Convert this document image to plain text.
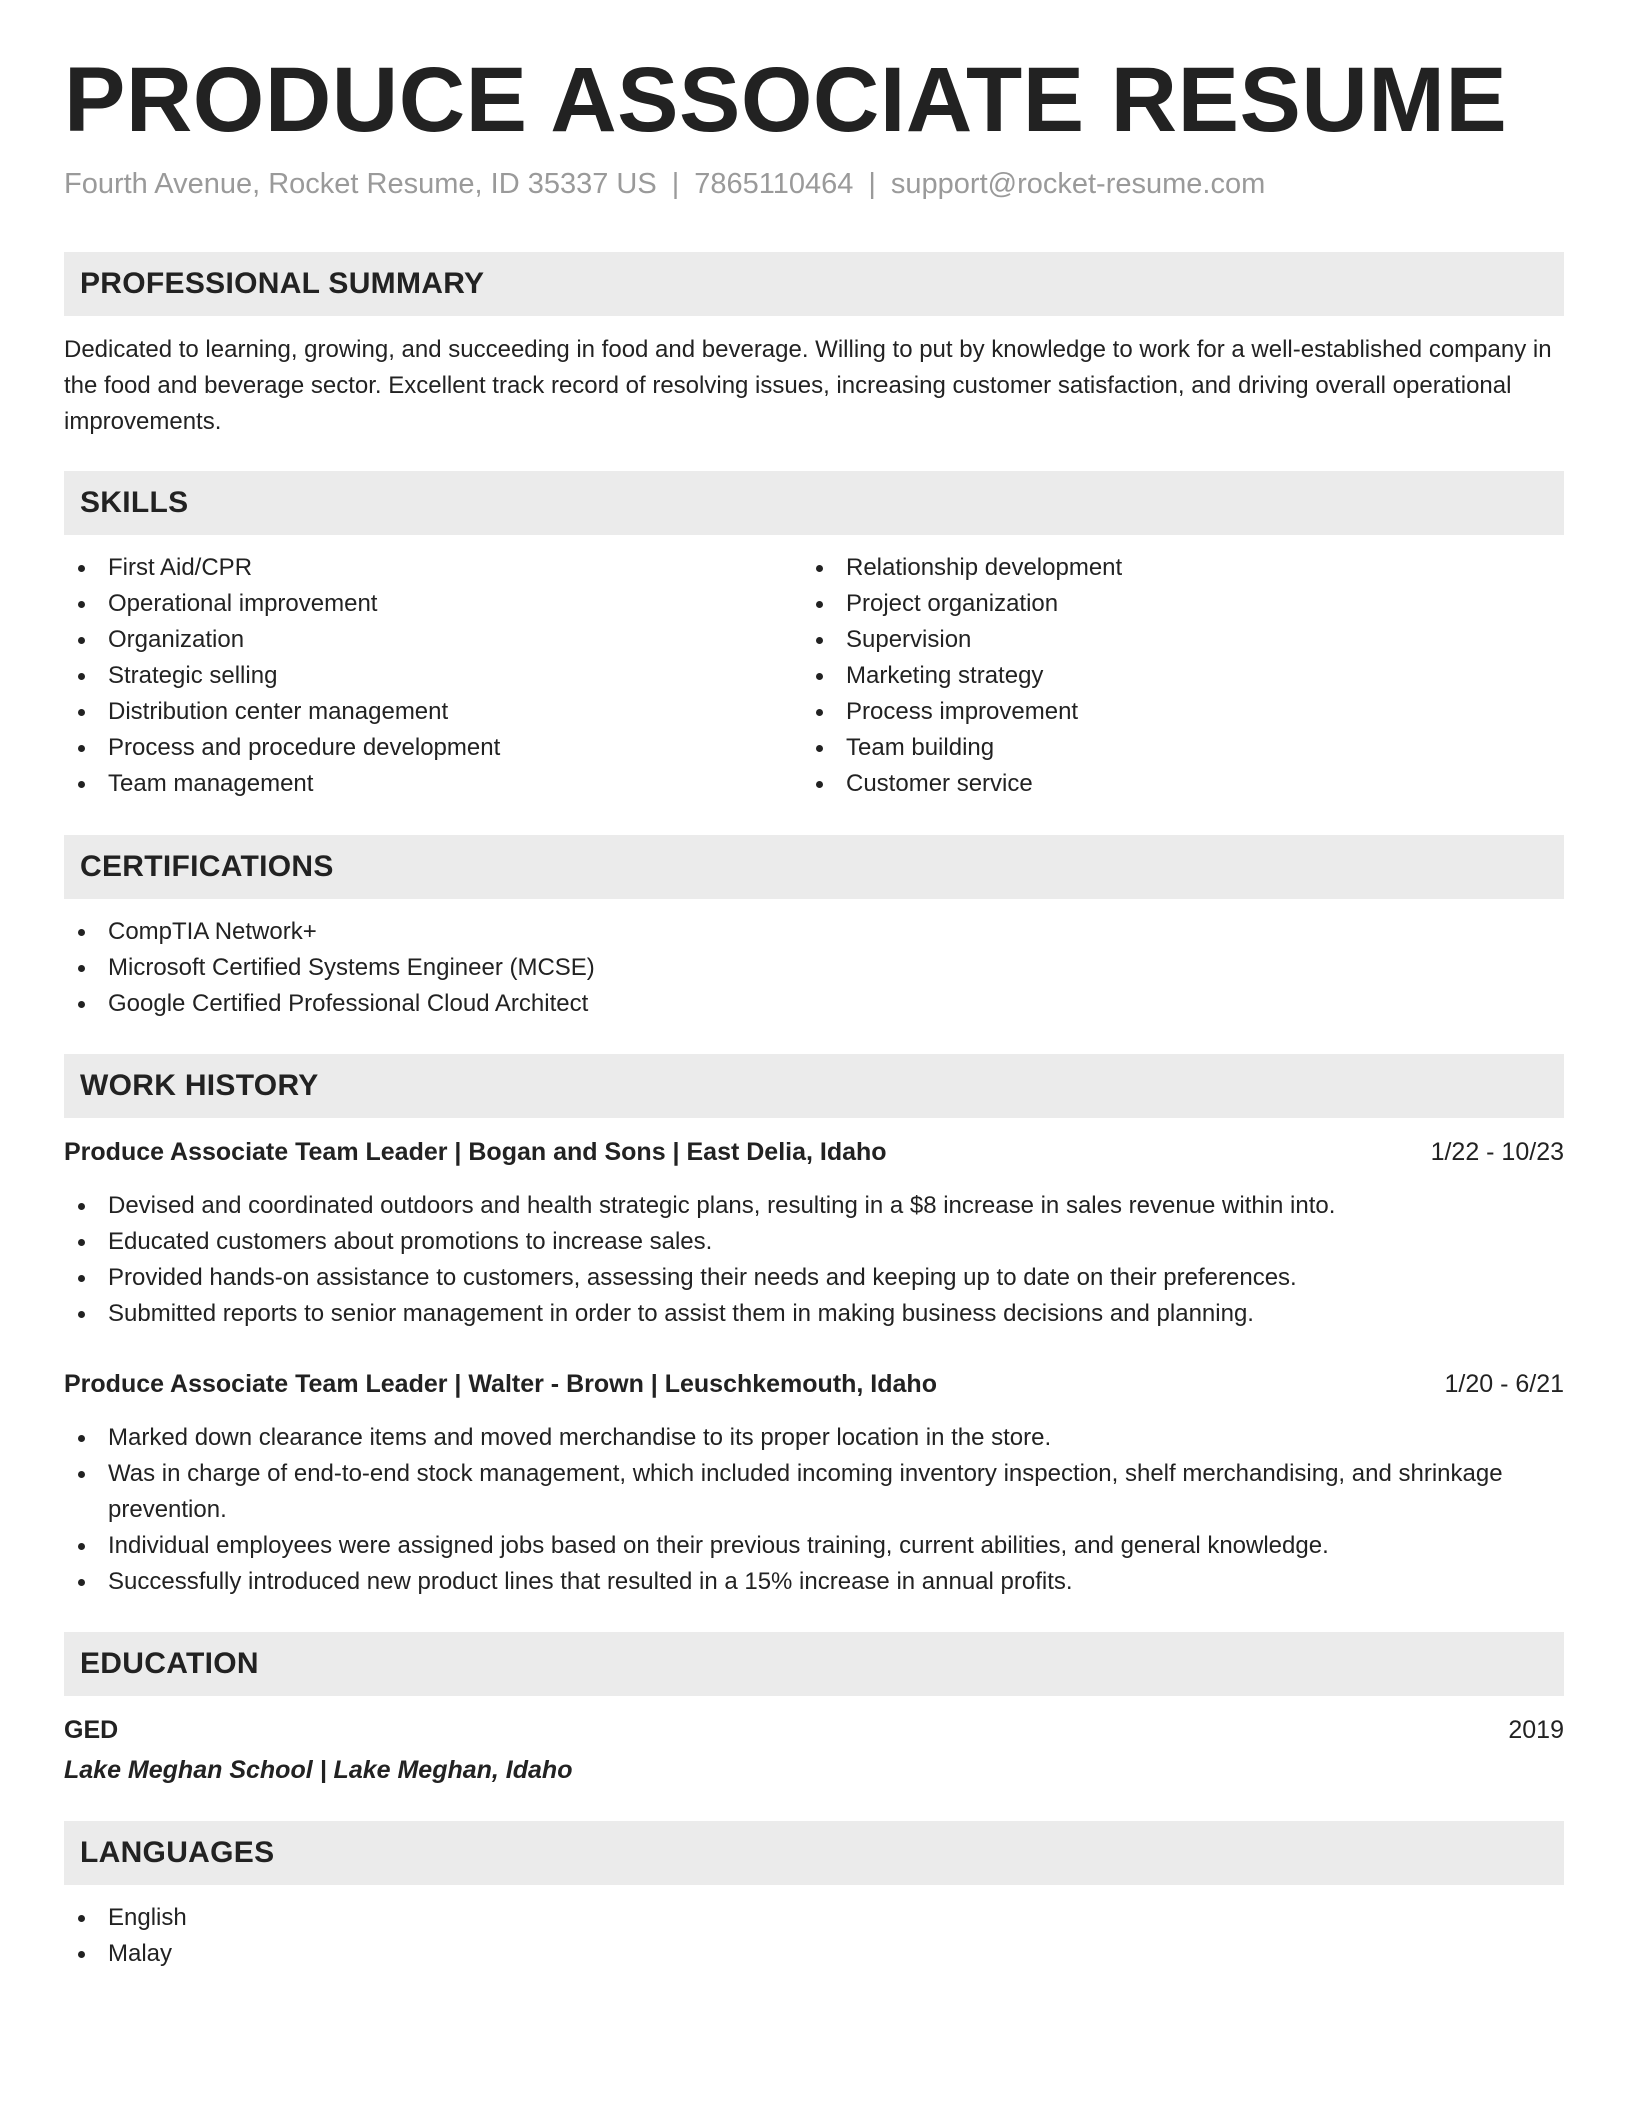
PRODUCE ASSOCIATE RESUME
Fourth Avenue, Rocket Resume, ID 35337 US | 7865110464 | support@rocket-resume.com
PROFESSIONAL SUMMARY

Dedicated to learning, growing, and succeeding in food and beverage. Willing to put by knowledge to work for a well-established company in the food and beverage sector. Excellent track record of resolving issues, increasing customer satisfaction, and driving overall operational improvements.

SKILLS
First Aid/CPR
Operational improvement
Organization
Strategic selling
Distribution center management
Process and procedure development
Team management
Relationship development
Project organization
Supervision
Marketing strategy
Process improvement
Team building
Customer service
CERTIFICATIONS
CompTIA Network+
Microsoft Certified Systems Engineer (MCSE)
Google Certified Professional Cloud Architect
WORK HISTORY
Produce Associate Team Leader | Bogan and Sons | East Delia, Idaho	1/22 - 10/23
Devised and coordinated outdoors and health strategic plans, resulting in a $8 increase in sales revenue within into.
Educated customers about promotions to increase sales.
Provided hands-on assistance to customers, assessing their needs and keeping up to date on their preferences.
Submitted reports to senior management in order to assist them in making business decisions and planning.
Produce Associate Team Leader | Walter - Brown | Leuschkemouth, Idaho	1/20 - 6/21
Marked down clearance items and moved merchandise to its proper location in the store.
Was in charge of end-to-end stock management, which included incoming inventory inspection, shelf merchandising, and shrinkage prevention.
Individual employees were assigned jobs based on their previous training, current abilities, and general knowledge.
Successfully introduced new product lines that resulted in a 15% increase in annual profits.
EDUCATION
GED	2019
Lake Meghan School | Lake Meghan, Idaho
LANGUAGES
English
Malay
